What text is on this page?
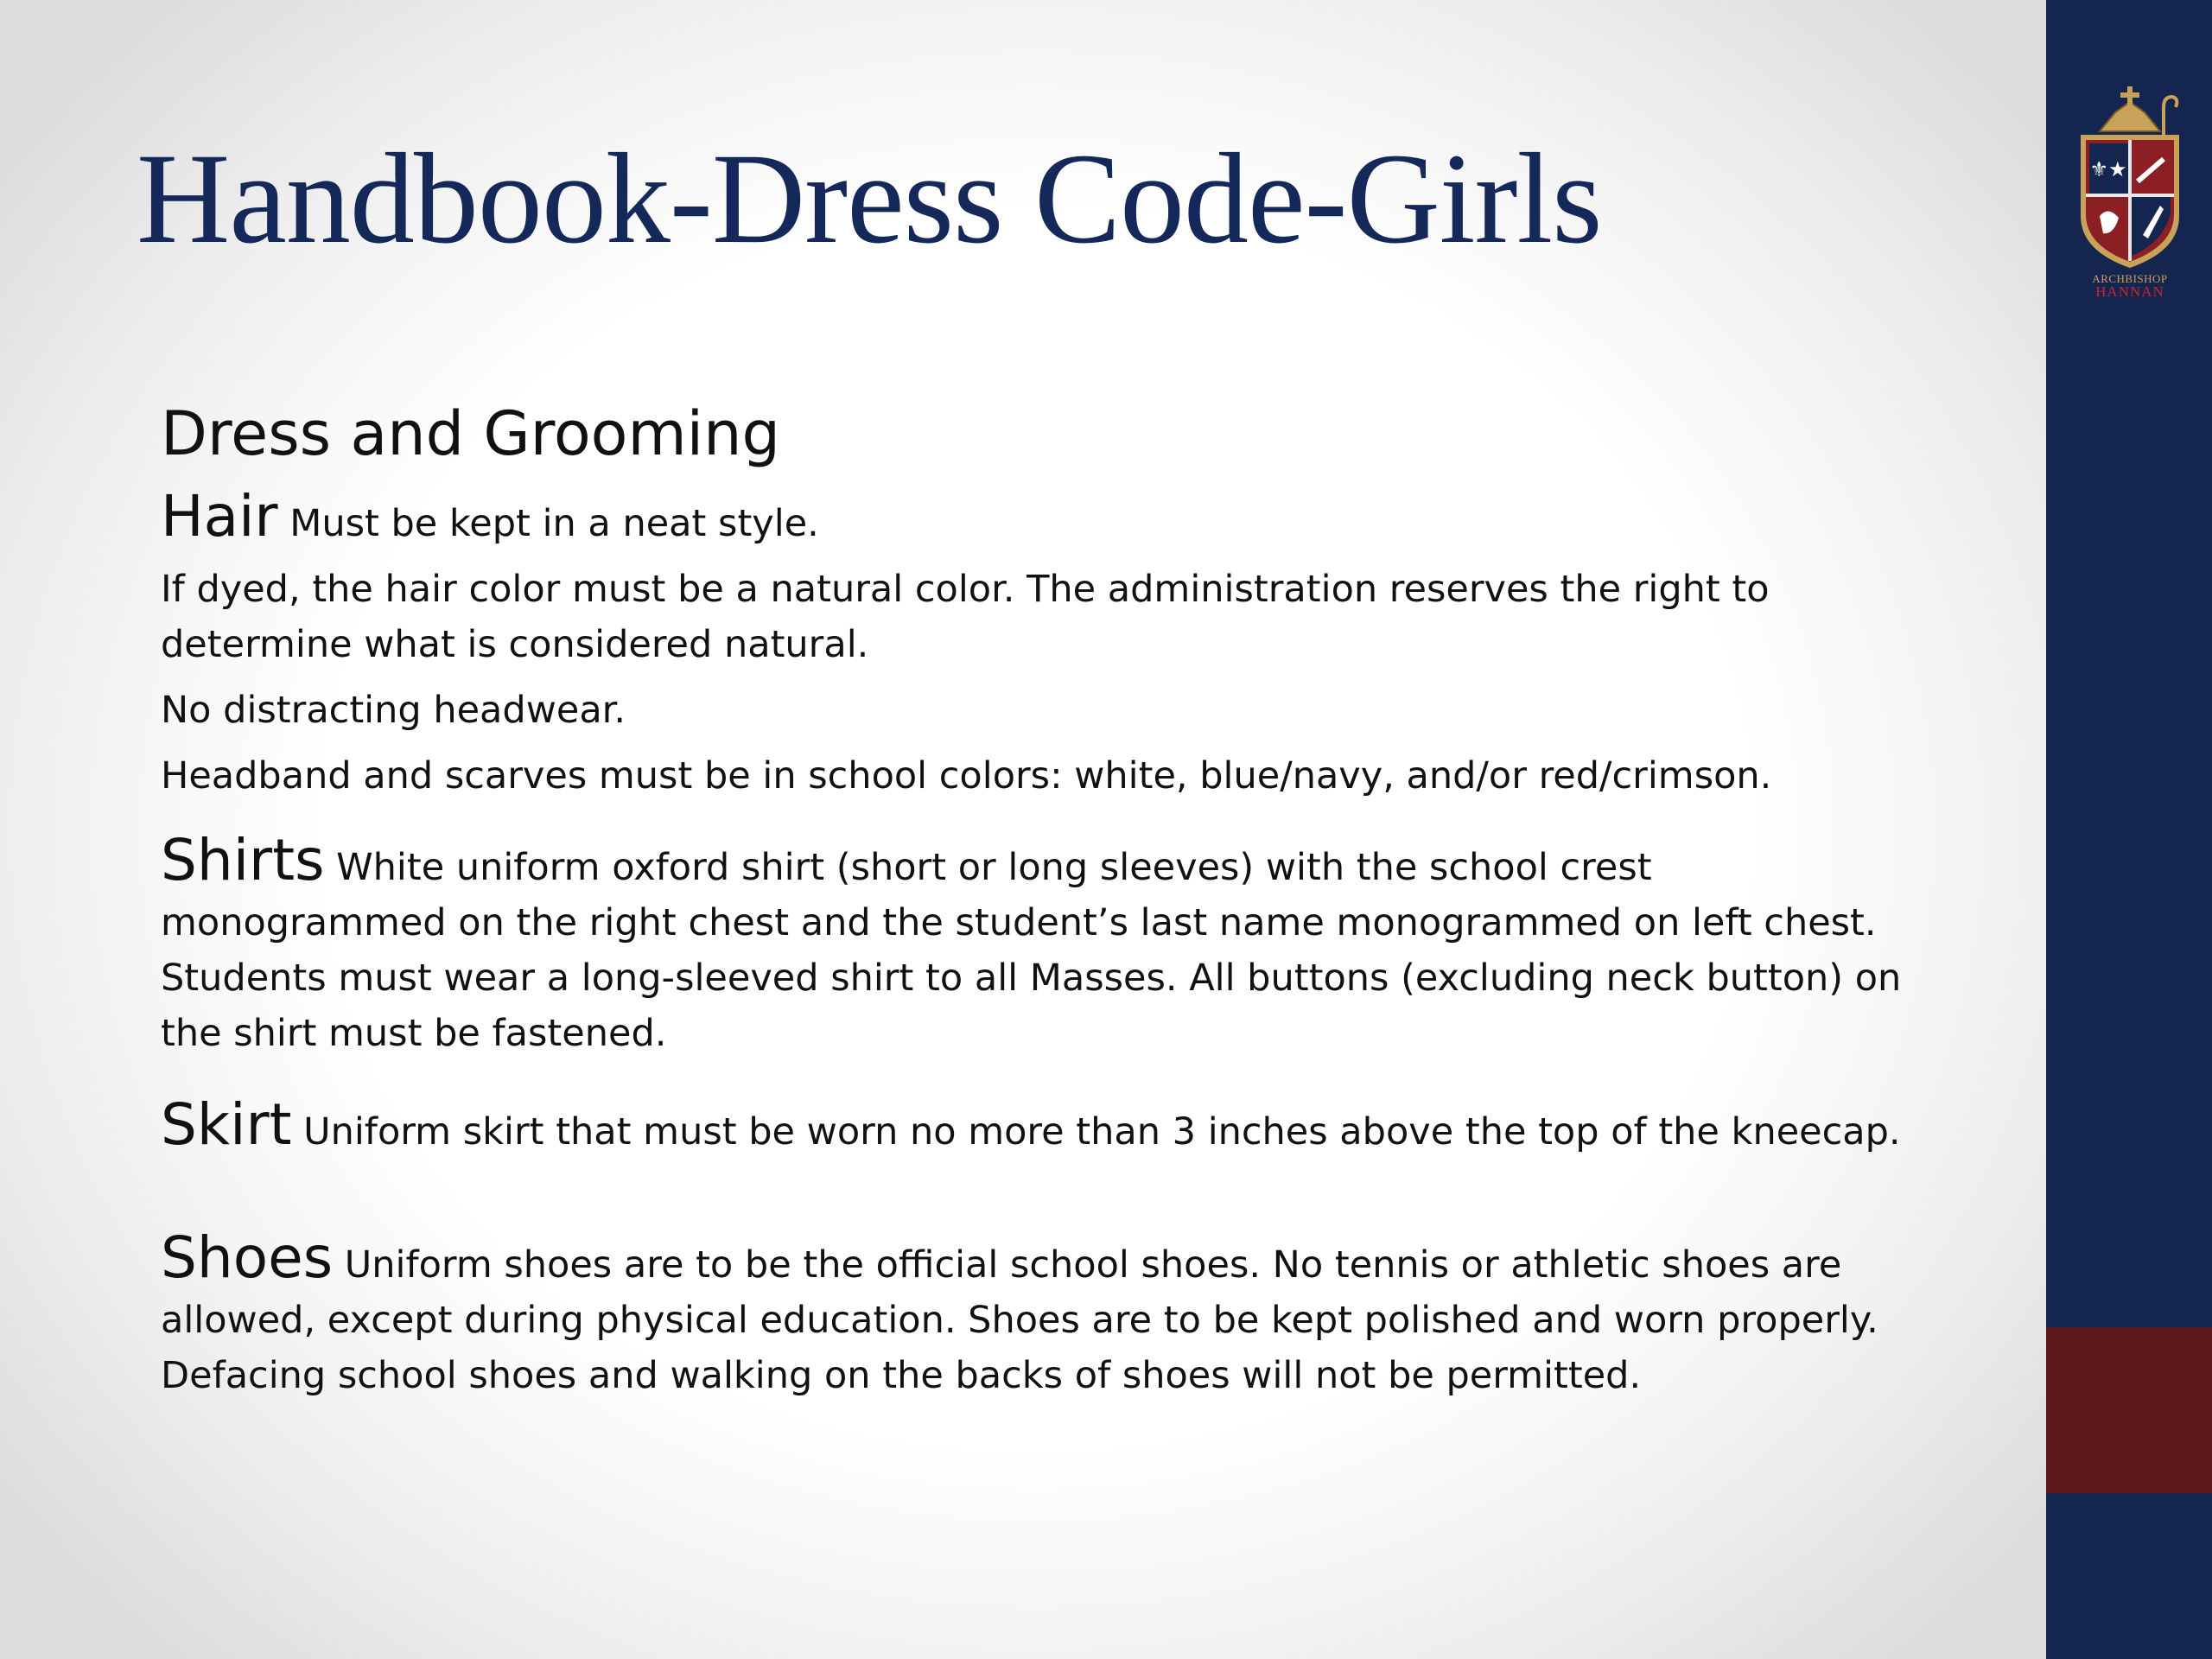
⚜★
ARCHBISHOP
HANNAN
Handbook-Dress Code-Girls
Dress and Grooming
Hair Must be kept in a neat style.
If dyed, the hair color must be a natural color. The administration reserves the right to determine what is considered natural.
No distracting headwear.
Headband and scarves must be in school colors: white, blue/navy, and/or red/crimson.
Shirts White uniform oxford shirt (short or long sleeves) with the school crest monogrammed on the right chest and the student’s last name monogrammed on left chest. Students must wear a long-sleeved shirt to all Masses. All buttons (excluding neck button) on the shirt must be fastened.
Skirt Uniform skirt that must be worn no more than 3 inches above the top of the kneecap.
Shoes Uniform shoes are to be the official school shoes. No tennis or athletic shoes are allowed, except during physical education. Shoes are to be kept polished and worn properly. Defacing school shoes and walking on the backs of shoes will not be permitted.
